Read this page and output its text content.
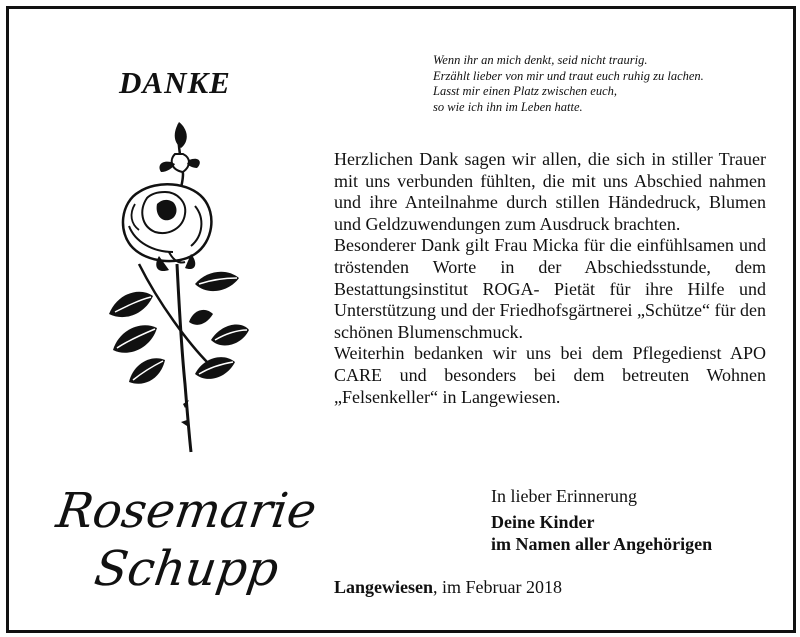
DANKE
Wenn ihr an mich denkt, seid nicht traurig.
Erzählt lieber von mir und traut euch ruhig zu lachen.
Lasst mir einen Platz zwischen euch,
so wie ich ihn im Leben hatte.

Herzlichen Dank sagen wir allen, die sich in stiller Trauer mit uns verbunden fühlten, die mit uns Abschied nahmen und ihre Anteilnahme durch stillen Händedruck, Blumen und Geldzuwendungen zum Ausdruck brachten.

Besonderer Dank gilt Frau Micka für die einfühlsamen und tröstenden Worte in der Abschiedsstunde, dem Bestattungsinstitut ROGA- Pietät für ihre Hilfe und Unterstützung und der Friedhofsgärtnerei „Schütze“ für den schönen Blumenschmuck.

Weiterhin bedanken wir uns bei dem Pflegedienst APO CARE und besonders bei dem betreuten Wohnen „Felsenkeller“ in Langewiesen.

Rosemarie
Schupp
In lieber Erinnerung
Deine Kinder
im Namen aller Angehörigen
Langewiesen, im Februar 2018
